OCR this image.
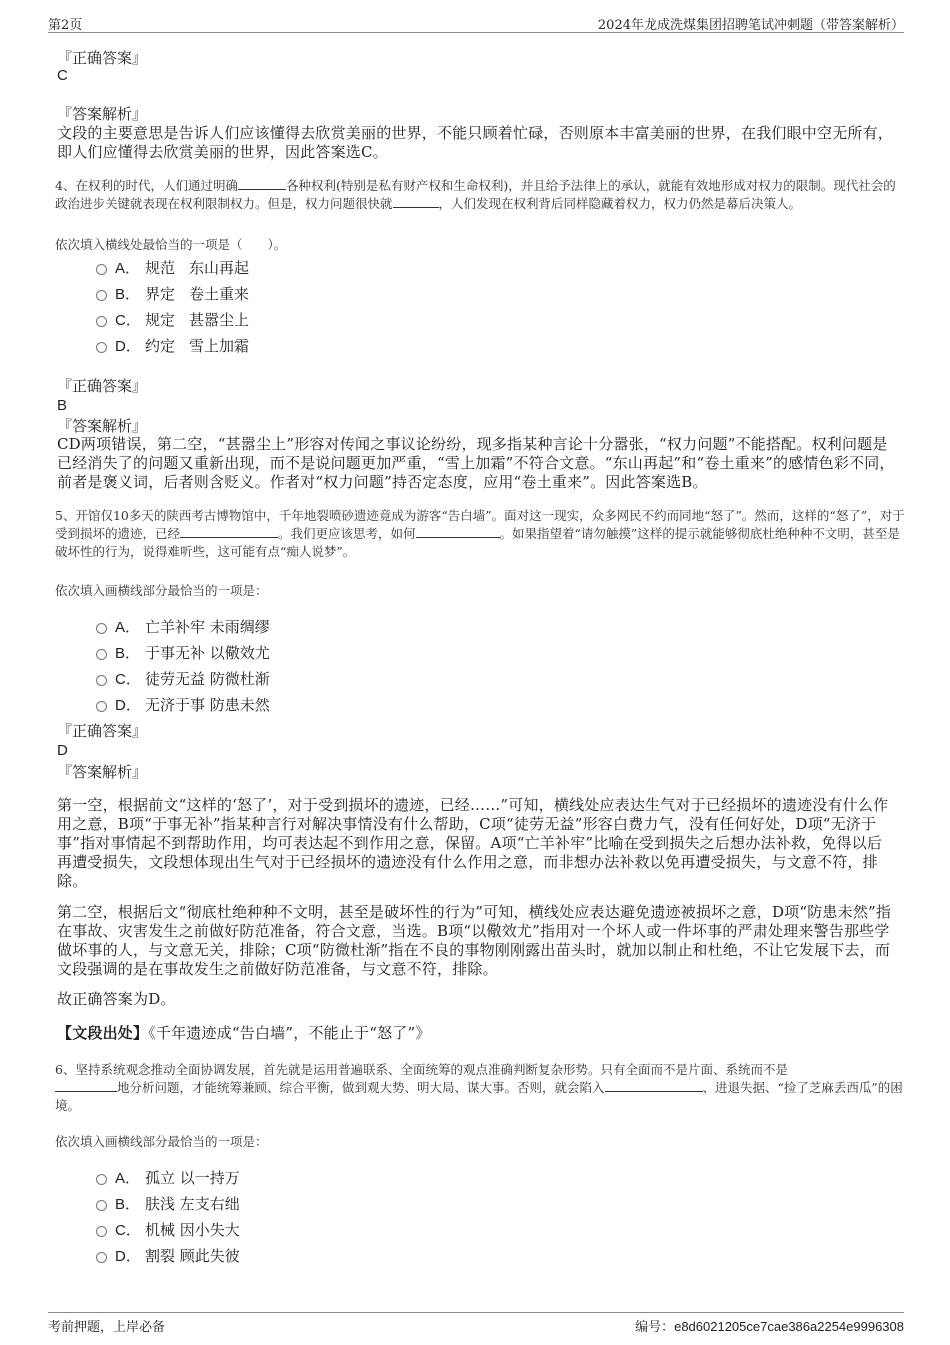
第2页	2024年龙成洗煤集团招聘笔试冲刺题（带答案解析）
『正确答案』
C
『答案解析』
文段的主要意思是告诉人们应该懂得去欣赏美丽的世界，不能只顾着忙碌，否则原本丰富美丽的世界，在我们眼中空无所有，即人们应懂得去欣赏美丽的世界，因此答案选C。
4、在权利的时代，人们通过明确	各种权利(特别是私有财产权和生命权利)，并且给予法律上的承认，就能有效地形成对权力的限制。现代社会的政治进步关键就表现在权利限制权力。但是，权力问题很快就	，人们发现在权利背后同样隐藏着权力，权力仍然是幕后决策人。
依次填入横线处最恰当的一项是（　　）。
A． 规范 东山再起
B． 界定 卷土重来
C． 规定 甚嚣尘上
D． 约定 雪上加霜
『正确答案』
B
『答案解析』
CD两项错误，第二空，“甚嚣尘上”形容对传闻之事议论纷纷，现多指某种言论十分嚣张，“权力问题”不能搭配。权利问题是已经消失了的问题又重新出现，而不是说问题更加严重，“雪上加霜”不符合文意。“东山再起”和“卷土重来”的感情色彩不同，前者是褒义词，后者则含贬义。作者对“权力问题”持否定态度，应用“卷土重来”。因此答案选B。
5、开馆仅10多天的陕西考古博物馆中，千年地裂喷砂遗迹竟成为游客“告白墙”。面对这一现实，众多网民不约而同地“怒了”。然而，这样的“怒了”，对于受到损坏的遗迹，已经	。我们更应该思考，如何	。如果指望着“请勿触摸”这样的提示就能够彻底杜绝种种不文明，甚至是破坏性的行为，说得难听些，这可能有点“痴人说梦”。
依次填入画横线部分最恰当的一项是：
A． 亡羊补牢 未雨绸缪
B． 于事无补 以儆效尤
C． 徒劳无益 防微杜渐
D． 无济于事 防患未然
『正确答案』
D
『答案解析』
第一空，根据前文“这样的‘怒了’，对于受到损坏的遗迹，已经……”可知，横线处应表达生气对于已经损坏的遗迹没有什么作用之意，B项“于事无补”指某种言行对解决事情没有什么帮助，C项“徒劳无益”形容白费力气，没有任何好处，D项“无济于事”指对事情起不到帮助作用，均可表达起不到作用之意，保留。A项“亡羊补牢”比喻在受到损失之后想办法补救，免得以后再遭受损失，文段想体现出生气对于已经损坏的遗迹没有什么作用之意，而非想办法补救以免再遭受损失，与文意不符，排除。
第二空，根据后文“彻底杜绝种种不文明，甚至是破坏性的行为”可知，横线处应表达避免遗迹被损坏之意，D项“防患未然”指在事故、灾害发生之前做好防范准备，符合文意，当选。B项“以儆效尤”指用对一个坏人或一件坏事的严肃处理来警告那些学做坏事的人，与文意无关，排除；C项“防微杜渐”指在不良的事物刚刚露出苗头时，就加以制止和杜绝，不让它发展下去，而文段强调的是在事故发生之前做好防范准备，与文意不符，排除。
故正确答案为D。
【文段出处】《千年遗迹成“告白墙”，不能止于“怒了”》
6、坚持系统观念推动全面协调发展，首先就是运用普遍联系、全面统筹的观点准确判断复杂形势。只有全面而不是片面、系统而不是
地分析问题，才能统筹兼顾、综合平衡，做到观大势、明大局、谋大事。否则，就会陷入	、进退失据、“捡了芝麻丢西瓜”的困境。
依次填入画横线部分最恰当的一项是：
A． 孤立 以一持万
B． 肤浅 左支右绌
C． 机械 因小失大
D． 割裂 顾此失彼
考前押题，上岸必备	编号：e8d6021205ce7cae386a2254e9996308
